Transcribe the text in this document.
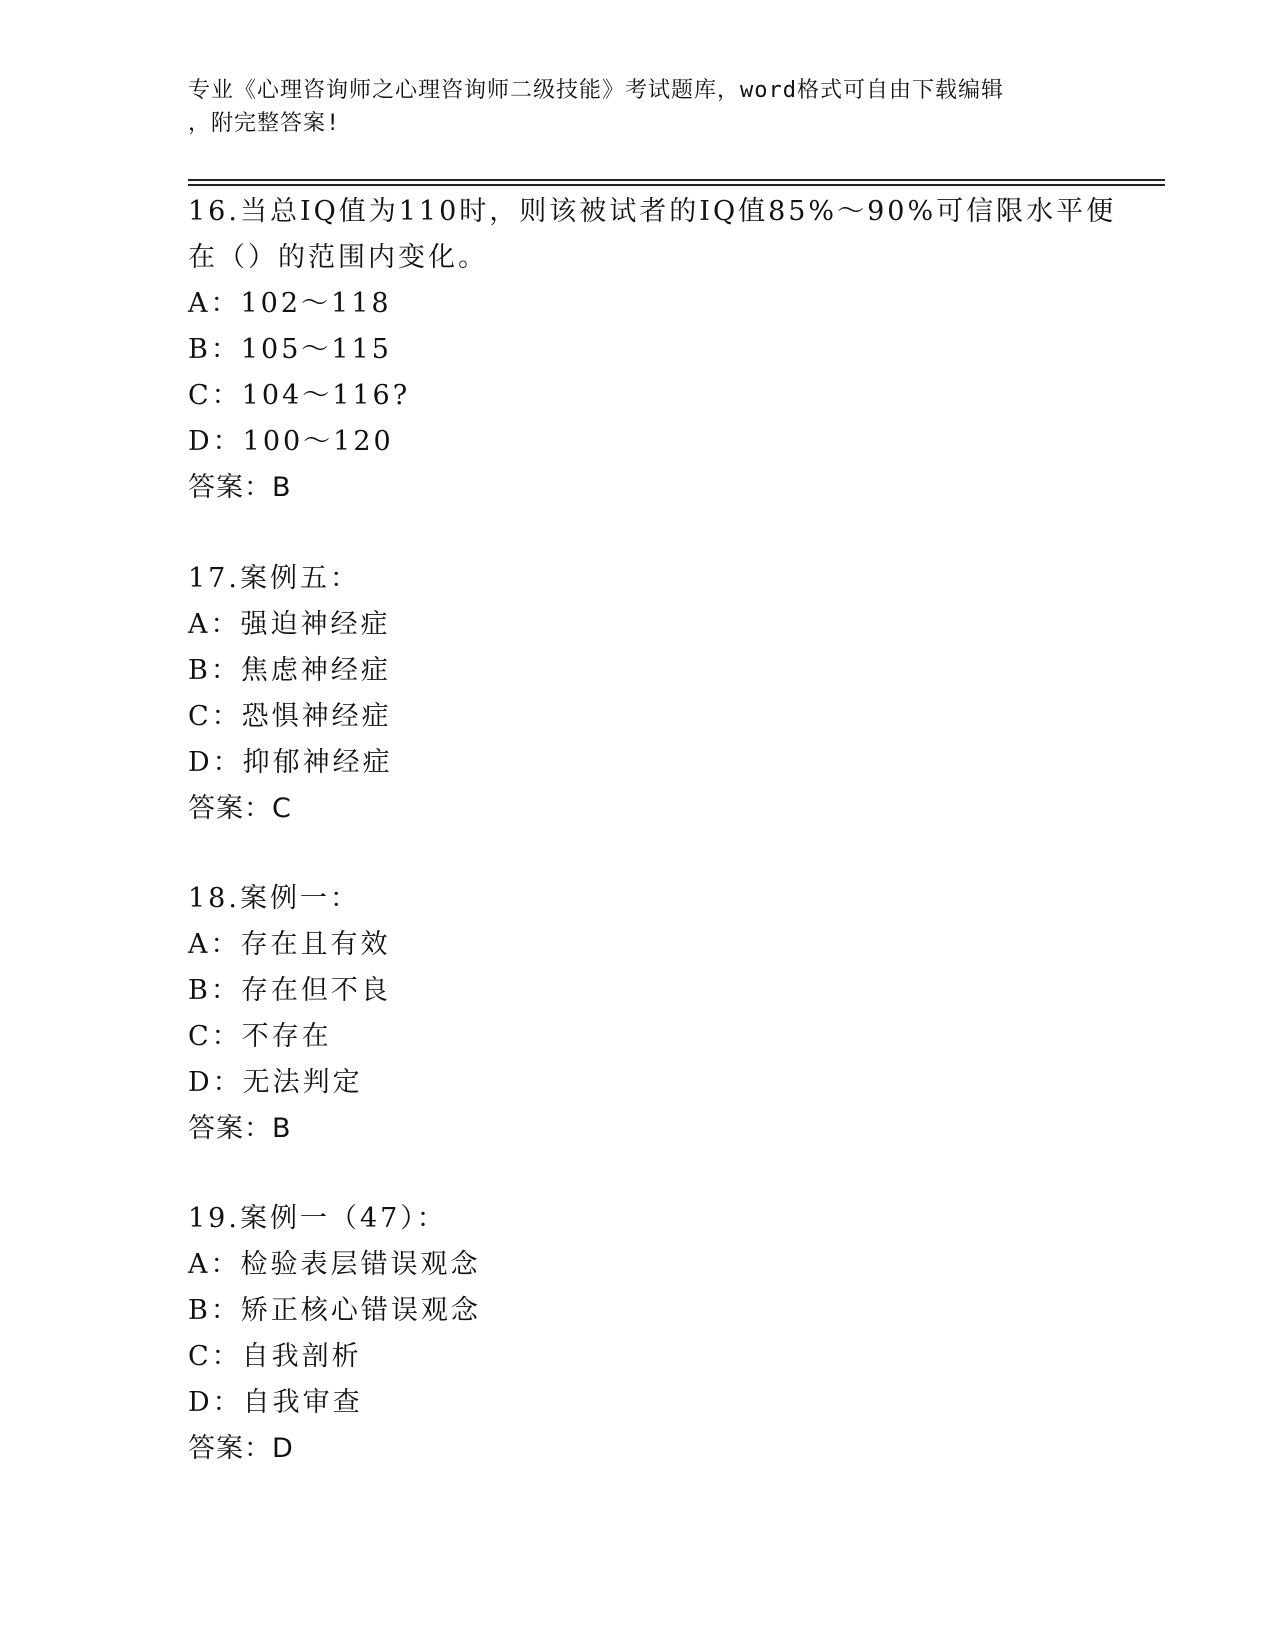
专业《心理咨询师之心理咨询师二级技能》考试题库，word格式可自由下载编辑
，附完整答案!
16.当总IQ值为110时，则该被试者的IQ值85%～90%可信限水平便
在（）的范围内变化。
A：102～118
B：105～115
C：104～116?
D：100～120
答案：B
17.案例五：
A：强迫神经症
B：焦虑神经症
C：恐惧神经症
D：抑郁神经症
答案：C
18.案例一：
A：存在且有效
B：存在但不良
C：不存在
D：无法判定
答案：B
19.案例一（47）：
A：检验表层错误观念
B：矫正核心错误观念
C：自我剖析
D：自我审查
答案：D
